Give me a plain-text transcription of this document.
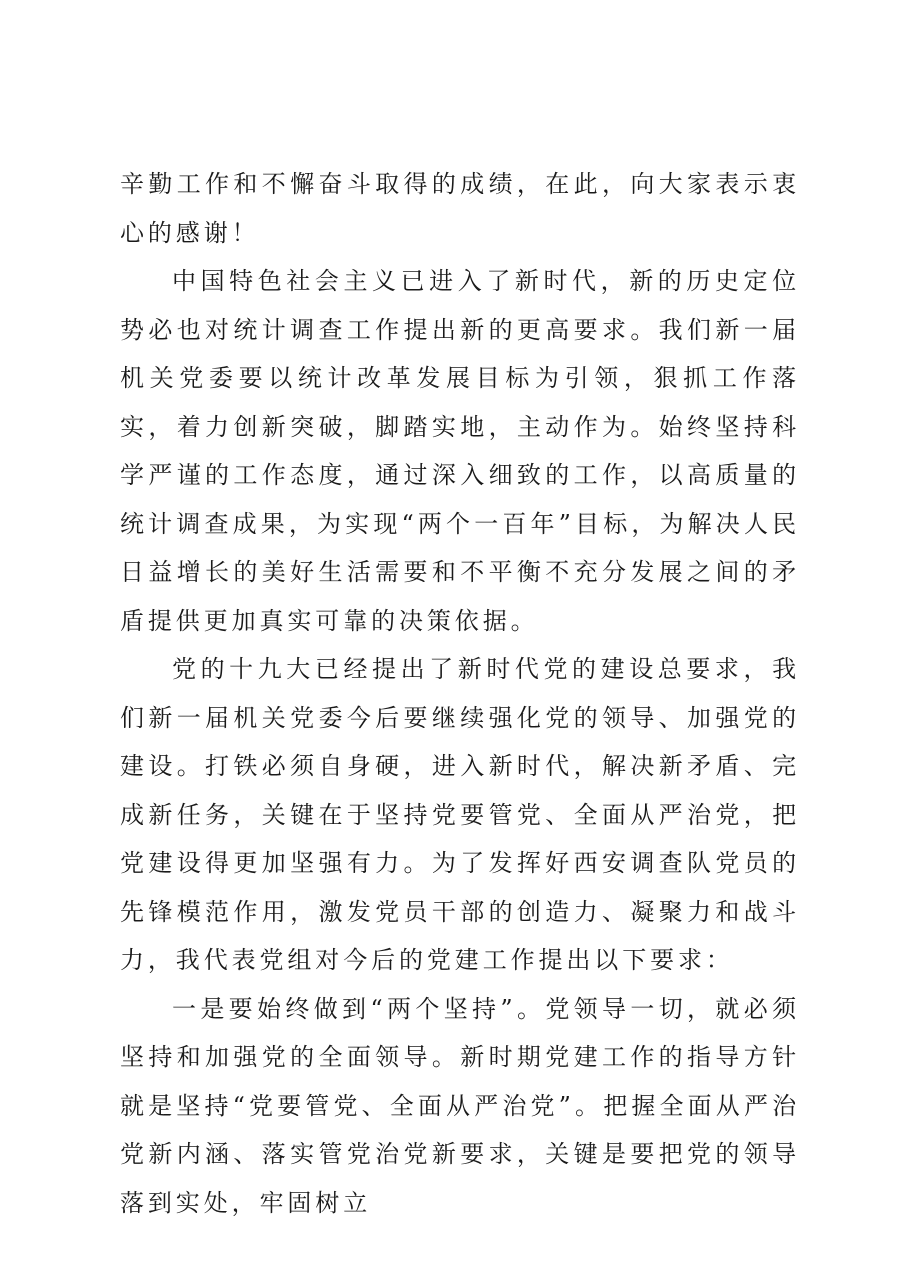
辛勤工作和不懈奋斗取得的成绩，在此，向大家表示衷心的感谢！

中国特色社会主义已进入了新时代，新的历史定位势必也对统计调查工作提出新的更高要求。我们新一届机关党委要以统计改革发展目标为引领，狠抓工作落实，着力创新突破，脚踏实地，主动作为。始终坚持科学严谨的工作态度，通过深入细致的工作，以高质量的统计调查成果，为实现“两个一百年”目标，为解决人民日益增长的美好生活需要和不平衡不充分发展之间的矛盾提供更加真实可靠的决策依据。

党的十九大已经提出了新时代党的建设总要求，我们新一届机关党委今后要继续强化党的领导、加强党的建设。打铁必须自身硬，进入新时代，解决新矛盾、完成新任务，关键在于坚持党要管党、全面从严治党，把党建设得更加坚强有力。为了发挥好西安调查队党员的先锋模范作用，激发党员干部的创造力、凝聚力和战斗力，我代表党组对今后的党建工作提出以下要求：

一是要始终做到“两个坚持”。党领导一切，就必须坚持和加强党的全面领导。新时期党建工作的指导方针就是坚持“党要管党、全面从严治党”。把握全面从严治党新内涵、落实管党治党新要求，关键是要把党的领导落到实处，牢固树立
